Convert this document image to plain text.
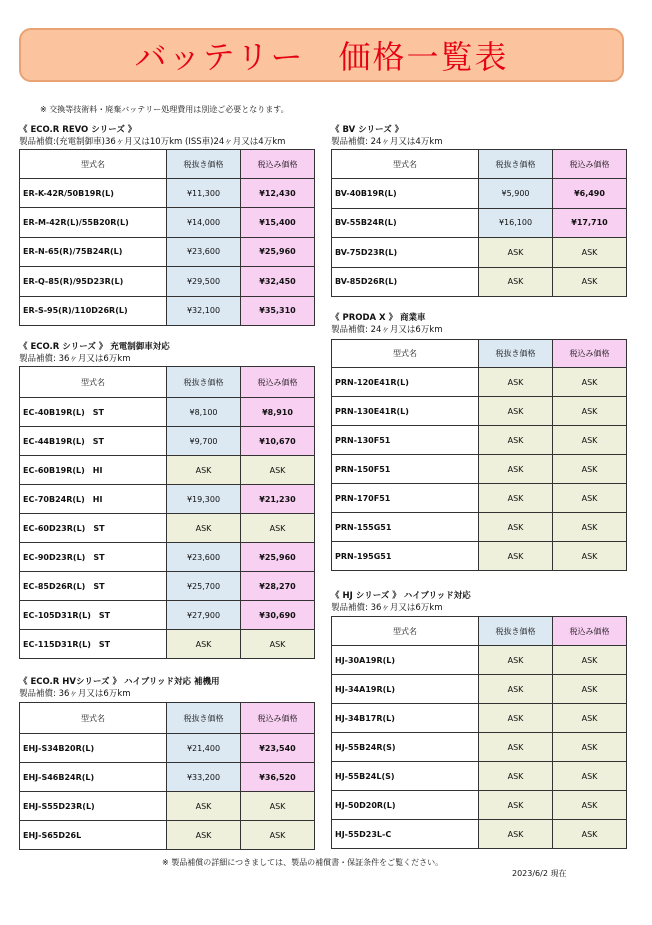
バッテリー　価格一覧表
※ 交換等技術料・廃棄バッテリー処理費用は別途ご必要となります。
《 ECO.R REVO シリーズ 》
製品補償:(充電制御車)36ヶ月又は10万km (ISS車)24ヶ月又は4万km
《 ECO.R シリーズ 》 充電制御車対応
製品補償: 36ヶ月又は6万km
《 ECO.R HVシリーズ 》 ハイブリッド対応 補機用
製品補償: 36ヶ月又は6万km
《 BV シリーズ 》
製品補償: 24ヶ月又は4万km
《 PRODA X 》 商業車
製品補償: 24ヶ月又は6万km
《 HJ シリーズ 》 ハイブリッド対応
製品補償: 36ヶ月又は6万km
型式名	税抜き価格	税込み価格
ER-K-42R/50B19R(L)	¥11,300	¥12,430
ER-M-42R(L)/55B20R(L)	¥14,000	¥15,400
ER-N-65(R)/75B24R(L)	¥23,600	¥25,960
ER-Q-85(R)/95D23R(L)	¥29,500	¥32,450
ER-S-95(R)/110D26R(L)	¥32,100	¥35,310
型式名	税抜き価格	税込み価格
EC-40B19R(L)　ST	¥8,100	¥8,910
EC-44B19R(L)　ST	¥9,700	¥10,670
EC-60B19R(L)　HI	ASK	ASK
EC-70B24R(L)　HI	¥19,300	¥21,230
EC-60D23R(L)　ST	ASK	ASK
EC-90D23R(L)　ST	¥23,600	¥25,960
EC-85D26R(L)　ST	¥25,700	¥28,270
EC-105D31R(L)　ST	¥27,900	¥30,690
EC-115D31R(L)　ST	ASK	ASK
型式名	税抜き価格	税込み価格
EHJ-S34B20R(L)	¥21,400	¥23,540
EHJ-S46B24R(L)	¥33,200	¥36,520
EHJ-S55D23R(L)	ASK	ASK
EHJ-S65D26L	ASK	ASK
型式名	税抜き価格	税込み価格
BV-40B19R(L)	¥5,900	¥6,490
BV-55B24R(L)	¥16,100	¥17,710
BV-75D23R(L)	ASK	ASK
BV-85D26R(L)	ASK	ASK
型式名	税抜き価格	税込み価格
PRN-120E41R(L)	ASK	ASK
PRN-130E41R(L)	ASK	ASK
PRN-130F51	ASK	ASK
PRN-150F51	ASK	ASK
PRN-170F51	ASK	ASK
PRN-155G51	ASK	ASK
PRN-195G51	ASK	ASK
型式名	税抜き価格	税込み価格
HJ-30A19R(L)	ASK	ASK
HJ-34A19R(L)	ASK	ASK
HJ-34B17R(L)	ASK	ASK
HJ-55B24R(S)	ASK	ASK
HJ-55B24L(S)	ASK	ASK
HJ-50D20R(L)	ASK	ASK
HJ-55D23L-C	ASK	ASK
※ 製品補償の詳細につきましては、製品の補償書・保証条件をご覧ください。
2023/6/2 現在
